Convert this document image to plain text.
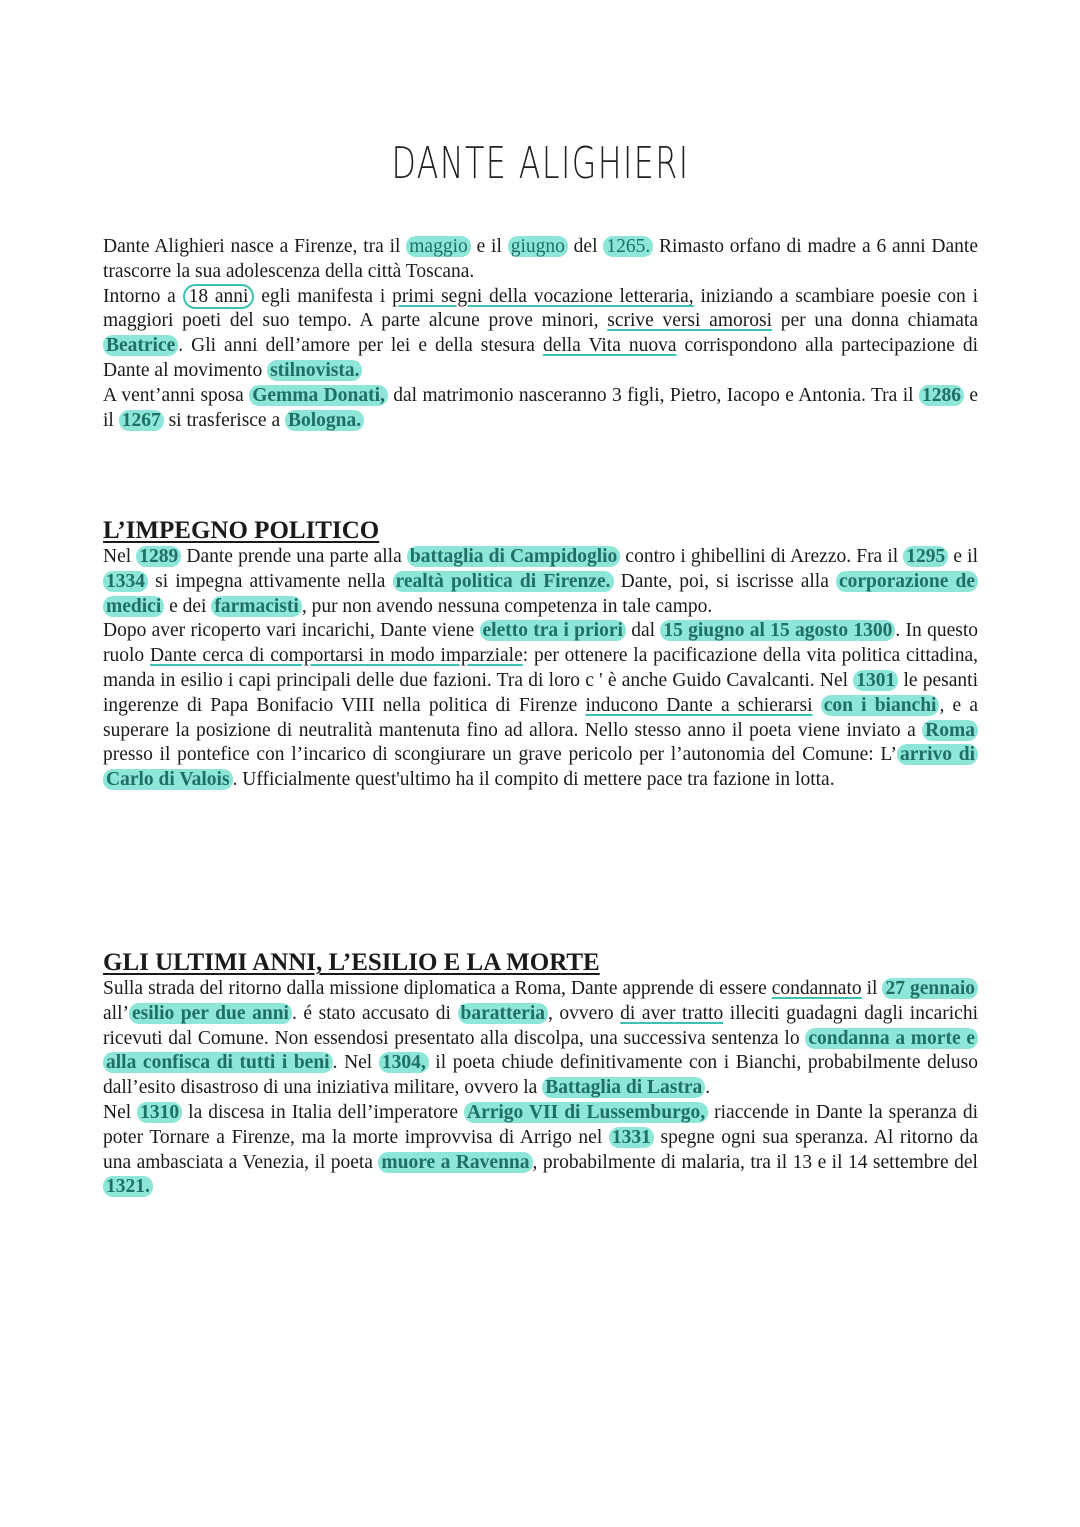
DANTE ALIGHIERI

Dante Alighieri nasce a Firenze, tra il maggio e il giugno del 1265. Rimasto orfano di madre a 6 anni Dante trascorre la sua adolescenza della città Toscana.
Intorno a 18 anni egli manifesta i primi segni della vocazione letteraria, iniziando a scambiare poesie con i maggiori poeti del suo tempo. A parte alcune prove minori, scrive versi amorosi per una donna chiamata Beatrice . Gli anni dell’amore per lei e della stesura della Vita nuova corrispondono alla partecipazione di Dante al movimento stilnovista.
A vent’anni sposa Gemma Donati, dal matrimonio nasceranno 3 figli, Pietro, Iacopo e Antonia. Tra il 1286 e il 1267 si trasferisce a Bologna.

L’IMPEGNO POLITICO

Nel 1289 Dante prende una parte alla battaglia di Campidoglio contro i ghibellini di Arezzo. Fra il 1295 e il 1334 si impegna attivamente nella realtà politica di Firenze. Dante, poi, si iscrisse alla corporazione de medici e dei farmacisti , pur non avendo nessuna competenza in tale campo.
Dopo aver ricoperto vari incarichi, Dante viene eletto tra i priori dal 15 giugno al 15 agosto 1300 . In questo ruolo Dante cerca di comportarsi in modo imparziale: per ottenere la pacificazione della vita politica cittadina, manda in esilio i capi principali delle due fazioni. Tra di loro c ' è anche Guido Cavalcanti. Nel 1301 le pesanti ingerenze di Papa Bonifacio VIII nella politica di Firenze inducono Dante a schierarsi con i bianchi , e a superare la posizione di neutralità mantenuta fino ad allora. Nello stesso anno il poeta viene inviato a Roma presso il pontefice con l’incarico di scongiurare un grave pericolo per l’autonomia del Comune: L’ arrivo di Carlo di Valois . Ufficialmente quest'ultimo ha il compito di mettere pace tra fazione in lotta.

GLI ULTIMI ANNI, L’ESILIO E LA MORTE

Sulla strada del ritorno dalla missione diplomatica a Roma, Dante apprende di essere condannato il 27 gennaio all’ esilio per due anni . é stato accusato di baratteria , ovvero di aver tratto illeciti guadagni dagli incarichi ricevuti dal Comune. Non essendosi presentato alla discolpa, una successiva sentenza lo condanna a morte e alla confisca di tutti i beni . Nel 1304, il poeta chiude definitivamente con i Bianchi, probabilmente deluso dall’esito disastroso di una iniziativa militare, ovvero la Battaglia di Lastra .
Nel 1310 la discesa in Italia dell’imperatore Arrigo VII di Lussemburgo, riaccende in Dante la speranza di poter Tornare a Firenze, ma la morte improvvisa di Arrigo nel 1331 spegne ogni sua speranza. Al ritorno da una ambasciata a Venezia, il poeta muore a Ravenna , probabilmente di malaria, tra il 13 e il 14 settembre del 1321.
